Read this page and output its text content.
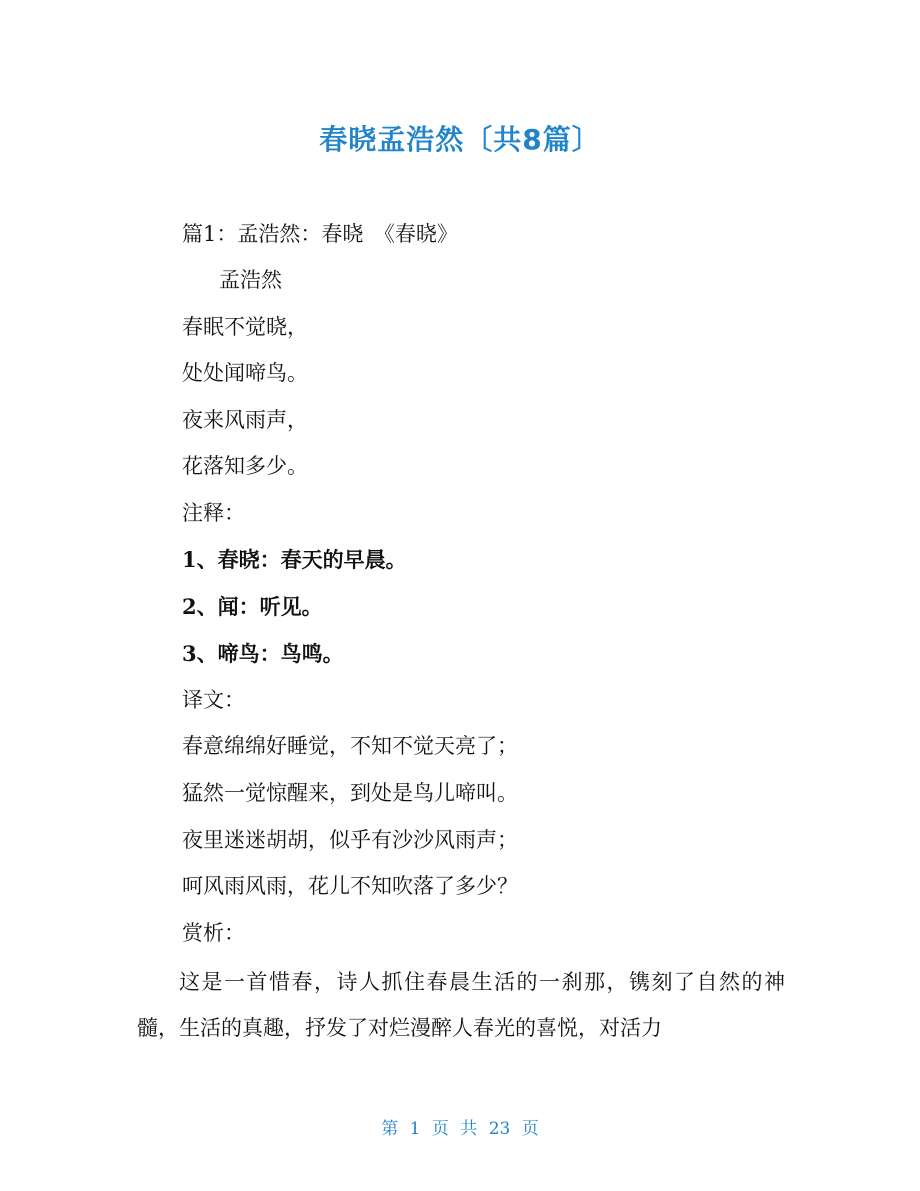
春晓孟浩然〔共8篇〕
篇1：孟浩然：春晓　《春晓》
孟浩然
春眠不觉晓，
处处闻啼鸟。
夜来风雨声，
花落知多少。
注释：
1、春晓：春天的早晨。
2、闻：听见。
3、啼鸟：鸟鸣。
译文：
春意绵绵好睡觉，不知不觉天亮了；
猛然一觉惊醒来，到处是鸟儿啼叫。
夜里迷迷胡胡，似乎有沙沙风雨声；
呵风雨风雨，花儿不知吹落了多少？
赏析：
这是一首惜春，诗人抓住春晨生活的一刹那，镌刻了自然的神髓，生活的真趣，抒发了对烂漫醉人春光的喜悦，对活力
第 1 页 共 23 页
